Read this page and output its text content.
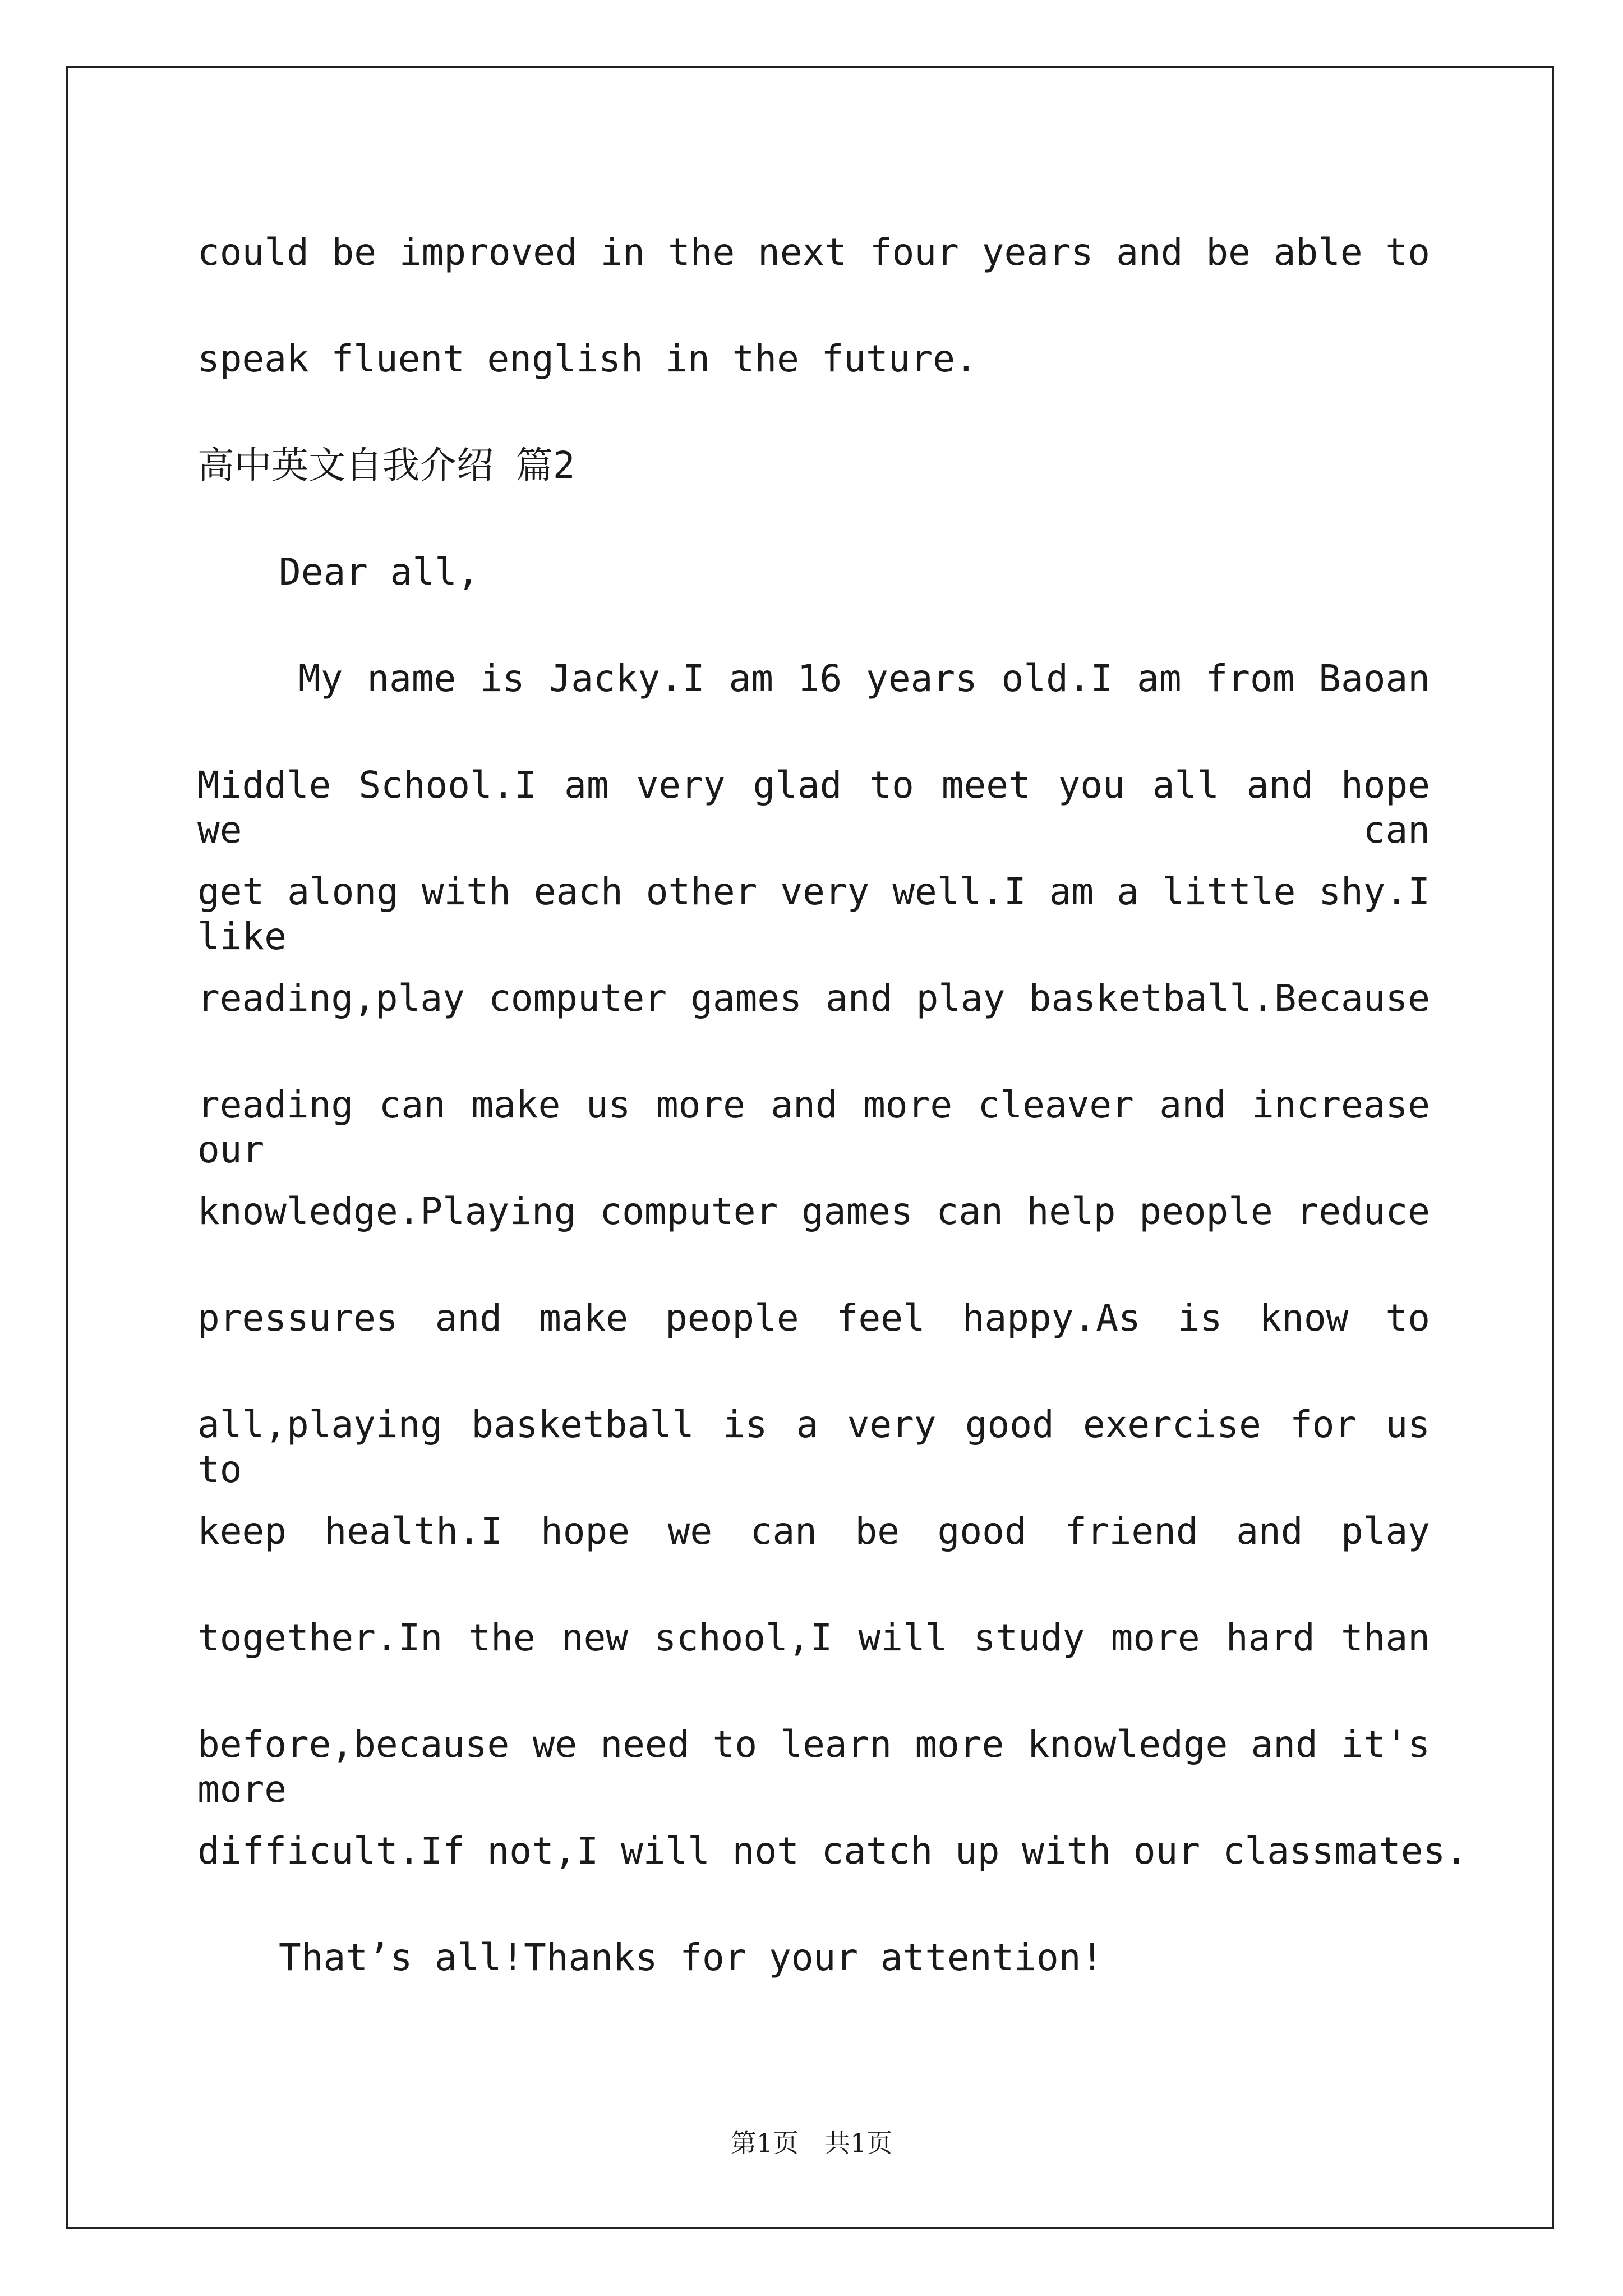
could be improved in the next four years and be able to
speak fluent english in the future.
高中英文自我介绍 篇2
Dear all,
My name is Jacky.I am 16 years old.I am from Baoan
Middle School.I am very glad to meet you all and hope we can
get along with each other very well.I am a little shy.I like
reading,play computer games and play basketball.Because
reading can make us more and more cleaver and increase our
knowledge.Playing computer games can help people reduce
pressures and make people feel happy.As is know to
all,playing basketball is a very good exercise for us to
keep health.I hope we can be good friend and play
together.In the new school,I will study more hard than
before,because we need to learn more knowledge and it's more
difficult.If not,I will not catch up with our classmates.
That’s all!Thanks for your attention!
第1页　共1页
